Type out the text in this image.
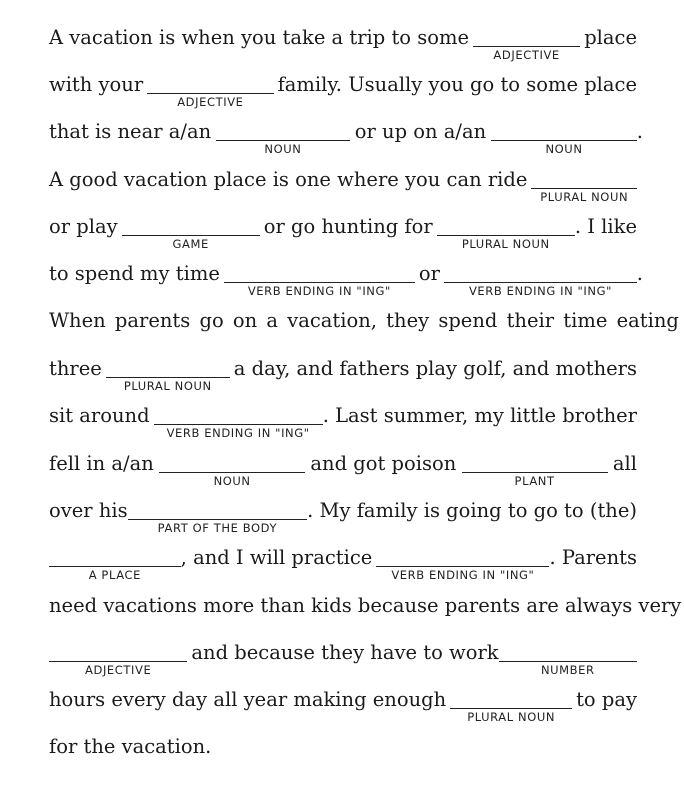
A vacation is when you take a trip to some
ADJECTIVE
place
with your
ADJECTIVE
family. Usually you go to some place
that is near a/an
NOUN
or up on a/an
NOUN
.
A good vacation place is one where you can ride
PLURAL NOUN
or play
GAME
or go hunting for
PLURAL NOUN
. I like
to spend my time
VERB ENDING IN "ING"
or
VERB ENDING IN "ING"
.
When parents go on a vacation, they spend their time eating
three
PLURAL NOUN
a day, and fathers play golf, and mothers
sit around
VERB ENDING IN "ING"
. Last summer, my little brother
fell in a/an
NOUN
and got poison
PLANT
all
over his
PART OF THE BODY
. My family is going to go to (the)
A PLACE
, and I will practice
VERB ENDING IN "ING"
. Parents
need vacations more than kids because parents are always very
ADJECTIVE
and because they have to work
NUMBER
hours every day all year making enough
PLURAL NOUN
to pay
for the vacation.
